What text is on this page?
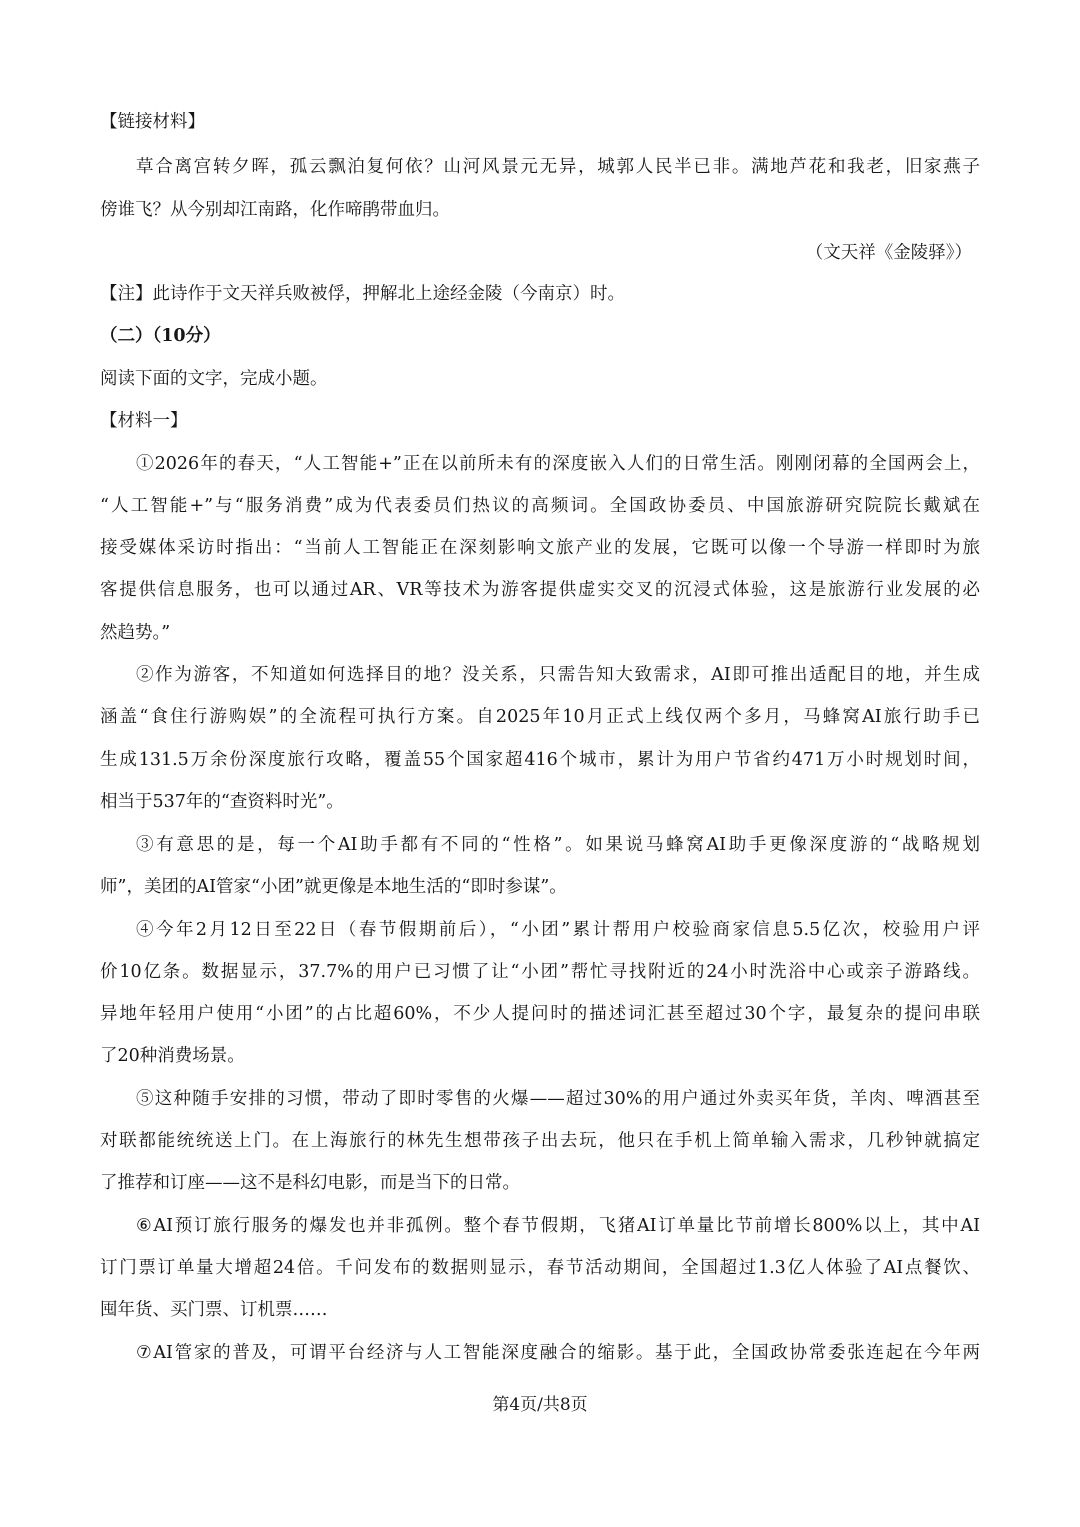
【链接材料】
草合离宫转夕晖，孤云飘泊复何依？山河风景元无异，城郭人民半已非。满地芦花和我老，旧家燕子
傍谁飞？从今别却江南路，化作啼鹃带血归。
（文天祥《金陵驿》）
【注】此诗作于文天祥兵败被俘，押解北上途经金陵（今南京）时。
（二）（10分）
阅读下面的文字，完成小题。
【材料一】
①2026年的春天，“人工智能+”正在以前所未有的深度嵌入人们的日常生活。刚刚闭幕的全国两会上，
“人工智能+”与“服务消费”成为代表委员们热议的高频词。全国政协委员、中国旅游研究院院长戴斌在
接受媒体采访时指出：“当前人工智能正在深刻影响文旅产业的发展，它既可以像一个导游一样即时为旅
客提供信息服务，也可以通过AR、VR等技术为游客提供虚实交叉的沉浸式体验，这是旅游行业发展的必
然趋势。”
②作为游客，不知道如何选择目的地？没关系，只需告知大致需求，AI即可推出适配目的地，并生成
涵盖“食住行游购娱”的全流程可执行方案。自2025年10月正式上线仅两个多月，马蜂窝AI旅行助手已
生成131.5万余份深度旅行攻略，覆盖55个国家超416个城市，累计为用户节省约471万小时规划时间，
相当于537年的“查资料时光”。
③有意思的是，每一个AI助手都有不同的“性格”。如果说马蜂窝AI助手更像深度游的“战略规划
师”，美团的AI管家“小团”就更像是本地生活的“即时参谋”。
④今年2月12日至22日（春节假期前后），“小团”累计帮用户校验商家信息5.5亿次，校验用户评
价10亿条。数据显示，37.7%的用户已习惯了让“小团”帮忙寻找附近的24小时洗浴中心或亲子游路线。
异地年轻用户使用“小团”的占比超60%，不少人提问时的描述词汇甚至超过30个字，最复杂的提问串联
了20种消费场景。
⑤这种随手安排的习惯，带动了即时零售的火爆——超过30%的用户通过外卖买年货，羊肉、啤酒甚至
对联都能统统送上门。在上海旅行的林先生想带孩子出去玩，他只在手机上简单输入需求，几秒钟就搞定
了推荐和订座——这不是科幻电影，而是当下的日常。
⑥AI预订旅行服务的爆发也并非孤例。整个春节假期，飞猪AI订单量比节前增长800%以上，其中AI
订门票订单量大增超24倍。千问发布的数据则显示，春节活动期间，全国超过1.3亿人体验了AI点餐饮、
囤年货、买门票、订机票……
⑦AI管家的普及，可谓平台经济与人工智能深度融合的缩影。基于此，全国政协常委张连起在今年两
第4页/共8页
